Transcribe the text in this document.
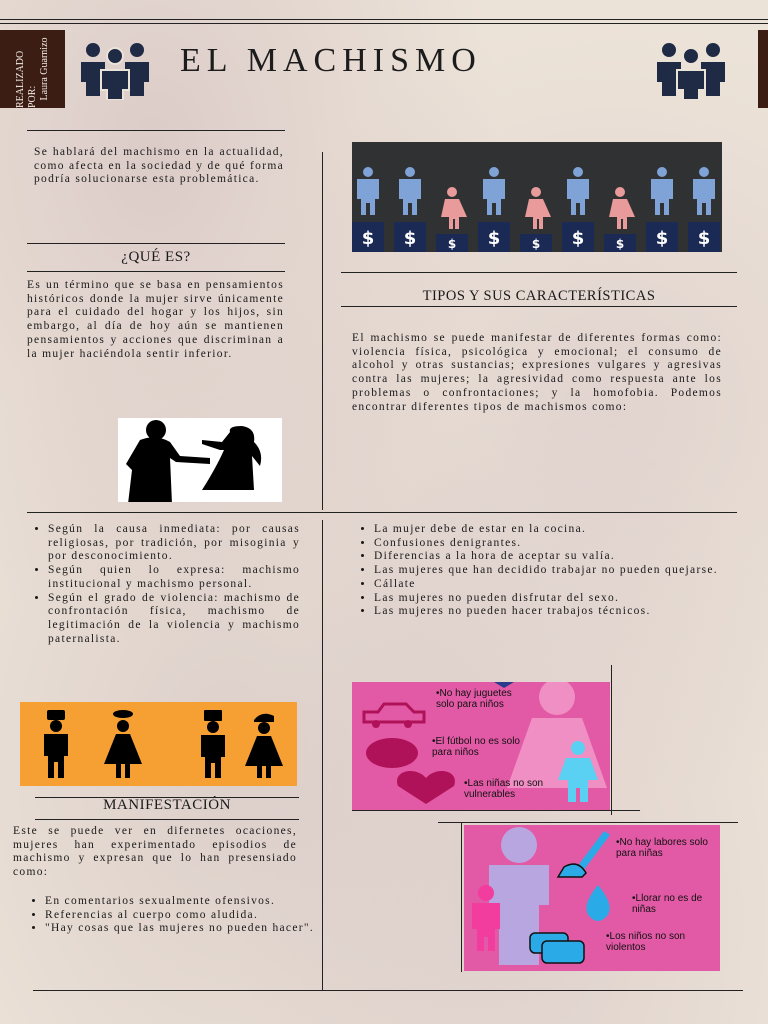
REALIZADO POR: Laura Guarnizo	EL MACHISMO
Se hablará del machismo en la actualidad, como afecta en la sociedad y de qué forma podría solucionarse esta problemática.
¿QUÉ ES?
Es un término que se basa en pensamientos históricos donde la mujer sirve únicamente para el cuidado del hogar y los hijos, sin embargo, al día de hoy aún se mantienen pensamientos y acciones que discriminan a la mujer haciéndola sentir inferior.
$ $	$ $	$ $	$ $ $
TIPOS Y SUS CARACTERÍSTICAS
El machismo se puede manifestar de diferentes formas como: violencia física, psicológica y emocional; el consumo de alcohol y otras sustancias; expresiones vulgares y agresivas contra las mujeres; la agresividad como respuesta ante los problemas o confrontaciones; y la homofobia. Podemos encontrar diferentes tipos de machismos como:
• Según la causa inmediata: por causas religiosas, por tradición, por misoginia y por desconocimiento.
• Según quien lo expresa: machismo institucional y machismo personal.
• Según el grado de violencia: machismo de confrontación física, machismo de legitimación de la violencia y machismo paternalista.
• La mujer debe de estar en la cocina.
• Confusiones denigrantes.
• Diferencias a la hora de aceptar su valía.
• Las mujeres que han decidido trabajar no pueden quejarse.
• Cállate
• Las mujeres no pueden disfrutar del sexo.
• Las mujeres no pueden hacer trabajos técnicos.
MANIFESTACIÓN
Este se puede ver en difernetes ocaciones, mujeres han experimentado episodios de machismo y expresan que lo han presensiado como:
• En comentarios sexualmente ofensivos.
• Referencias al cuerpo como aludida.
• "Hay cosas que las mujeres no pueden hacer".
•No hay juguetes solo para niños
•El fútbol no es solo para niños
•Las niñas no son vulnerables
•No hay labores solo para niñas
•Llorar no es de niñas
•Los niños no son violentos
